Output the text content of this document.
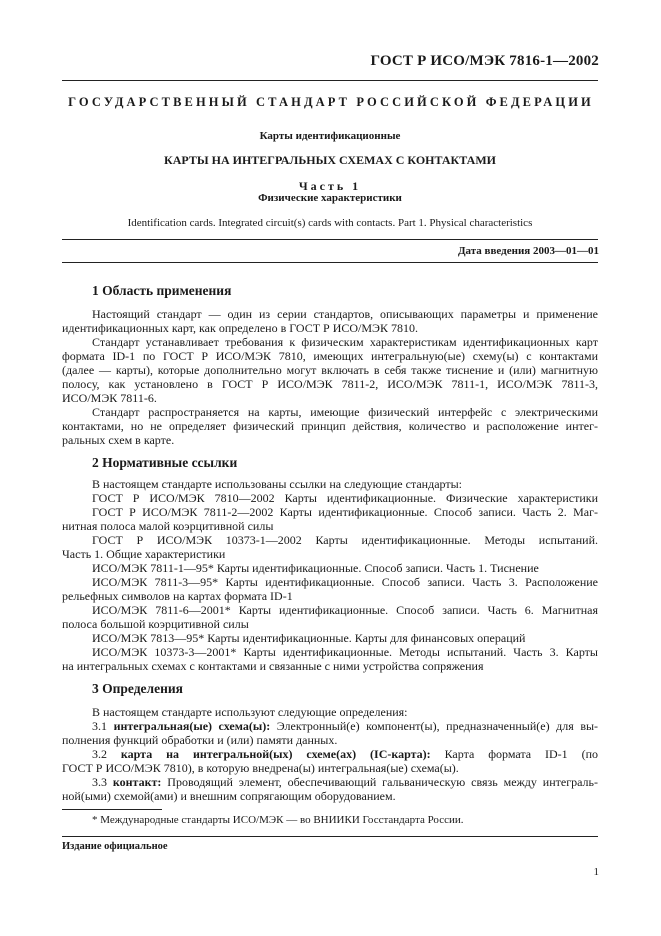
ГОСТ Р ИСО/МЭК 7816-1—2002
ГОСУДАРСТВЕННЫЙ СТАНДАРТ РОССИЙСКОЙ ФЕДЕРАЦИИ
Карты идентификационные
КАРТЫ НА ИНТЕГРАЛЬНЫХ СХЕМАХ С КОНТАКТАМИ
Часть 1
Физические характеристики
Identification cards. Integrated circuit(s) cards with contacts. Part 1. Physical characteristics
Дата введения 2003—01—01
1 Область применения
Настоящий стандарт — один из серии стандартов, описывающих параметры и применение
идентификационных карт, как определено в ГОСТ Р ИСО/МЭК 7810.
Стандарт устанавливает требования к физическим характеристикам идентификационных карт
формата ID-1 по ГОСТ Р ИСО/МЭК 7810, имеющих интегральную(ые) схему(ы) с контактами
(далее — карты), которые дополнительно могут включать в себя также тиснение и (или) магнитную
полосу, как установлено в ГОСТ Р ИСО/МЭК 7811-2, ИСО/МЭК 7811-1, ИСО/МЭК 7811-3,
ИСО/МЭК 7811-6.
Стандарт распространяется на карты, имеющие физический интерфейс с электрическими
контактами, но не определяет физический принцип действия, количество и расположение интег-
ральных схем в карте.
2 Нормативные ссылки
В настоящем стандарте использованы ссылки на следующие стандарты:
ГОСТ Р ИСО/МЭК 7810—2002 Карты идентификационные. Физические характеристики
ГОСТ Р ИСО/МЭК 7811-2—2002 Карты идентификационные. Способ записи. Часть 2. Маг-
нитная полоса малой коэрцитивной силы
ГОСТ Р ИСО/МЭК 10373-1—2002 Карты идентификационные. Методы испытаний.
Часть 1. Общие характеристики
ИСО/МЭК 7811-1—95* Карты идентификационные. Способ записи. Часть 1. Тиснение
ИСО/МЭК 7811-3—95* Карты идентификационные. Способ записи. Часть 3. Расположение
рельефных символов на картах формата ID-1
ИСО/МЭК 7811-6—2001* Карты идентификационные. Способ записи. Часть 6. Магнитная
полоса большой коэрцитивной силы
ИСО/МЭК 7813—95* Карты идентификационные. Карты для финансовых операций
ИСО/МЭК 10373-3—2001* Карты идентификационные. Методы испытаний. Часть 3. Карты
на интегральных схемах с контактами и связанные с ними устройства сопряжения
3 Определения
В настоящем стандарте используют следующие определения:
3.1 интегральная(ые) схема(ы): Электронный(е) компонент(ы), предназначенный(е) для вы-
полнения функций обработки и (или) памяти данных.
3.2 карта на интегральной(ых) схеме(ах) (IC-карта): Карта формата ID-1 (по
ГОСТ Р ИСО/МЭК 7810), в которую внедрена(ы) интегральная(ые) схема(ы).
3.3 контакт: Проводящий элемент, обеспечивающий гальваническую связь между интеграль-
ной(ыми) схемой(ами) и внешним сопрягающим оборудованием.
* Международные стандарты ИСО/МЭК — во ВНИИКИ Госстандарта России.
Издание официальное
1
